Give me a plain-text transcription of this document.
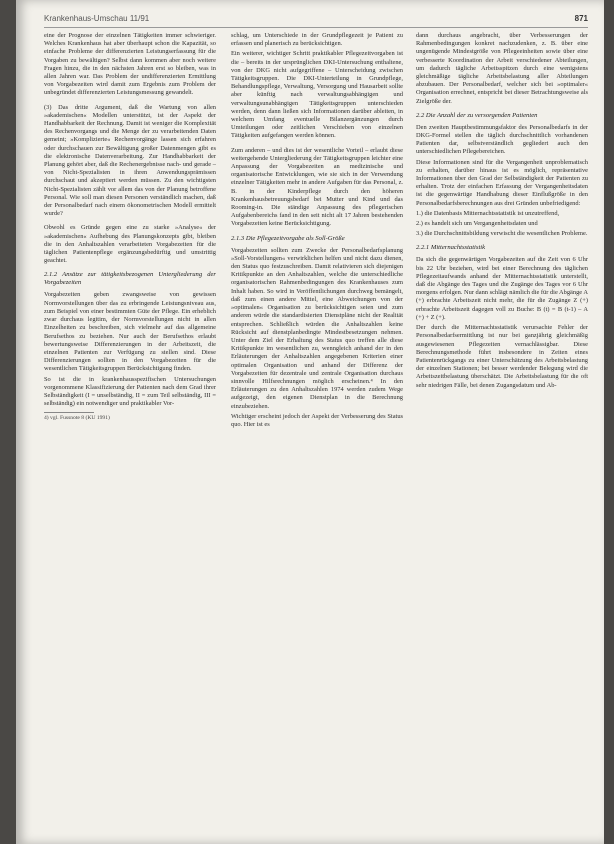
Krankenhaus-Umschau 11/91	871

eine der Prognose der einzelnen Tätigkeiten immer schwieriger. Welches Krankenhaus hat aber überhaupt schon die Kapazität, so einfache Probleme der differenzierten Leistungserfassung für die Vorgaben zu bewältigen? Selbst dann kommen aber noch weitere Fragen hinzu, die in den nächsten Jahren erst so bleiben, was in allen Jahren war. Das Problem der undifferenzierten Ermittlung von Vorgabezeiten wird damit zum Ergebnis zum Problem der unbegründet differenzierten Leistungsmessung gewandelt.

(3) Das dritte Argument, daß die Wartung von allen »akademischen« Modellen unterstützt, ist der Aspekt der Handhabbarkeit der Rechnung. Damit ist weniger die Komplexität des Rechenvorgangs und die Menge der zu verarbeitenden Daten gemeint; »Komplizierte« Rechenvorgänge lassen sich erfahren oder durchschauen zur Bewältigung großer Datenmengen gibt es die elektronische Datenverarbeitung. Zur Handhabbarkeit der Planung gehört aber, daß die Rechenergebnisse nach- und gerade – von Nicht-Spezialisten in ihren Anwendungsprämissen durchschaut und akzeptiert werden müssen. Zu den wichtigsten Nicht-Spezialisten zählt vor allem das von der Planung betroffene Personal. Wie soll man diesen Personen verständlich machen, daß der Personalbedarf nach einem ökonometrischen Modell ermittelt wurde?

Obwohl es Gründe gegen eine zu starke »Analyse« der »akademischen« Aufhebung des Planungskonzepts gibt, bleiben die in den Anhaltszahlen verarbeiteten Vorgabezeiten für die täglichen Patientenpflege ergänzungsbedürftig und umstrittig geachtet.

2.1.2 Ansätze zur tätigkeitsbezogenen Untergliederung der Vorgabezeiten

Vorgabezeiten geben zwangsweise von gewissen Normvorstellungen über das zu erbringende Leistungsniveau aus, zum Beispiel von einer bestimmten Güte der Pflege. Ein erheblich zwar durchaus legitim, der Normvorstellungen nicht in allen Einzelheiten zu beschreiben, sich vielmehr auf das allgemeine Berufsethos zu beziehen. Nur auch der Berufsethos erlaubt bewertungsweise Differenzierungen in der Arbeitszeit, die einzelnen Patienten zur Verfügung zu stellen sind. Diese Differenzierungen sollten in den Vorgabezeiten für die wesentlichen Tätigkeitsgruppen Berücksichtigung finden.

So ist die in krankenhausspezifischen Untersuchungen vorgenommene Klassifizierung der Patienten nach dem Grad ihrer Selbständigkeit (I = unselbständig, II = zum Teil selbständig, III = selbständig) ein notwendiger und praktikabler Vor-

4) vgl. Fussnote 8 (KU 1991)

schlag, um Unterschiede in der Grundpflegezeit je Patient zu erfassen und planerisch zu berücksichtigen.

Ein weiterer, wichtiger Schritt praktikabler Pflegezeitvorgaben ist die – bereits in der ursprünglichen DKI-Untersuchung enthaltene, von der DKG nicht aufgegriffene – Unterscheidung zwischen Tätigkeitsgruppen. Die DKI-Unterteilung in Grundpflege, Behandlungspflege, Verwaltung, Versorgung und Hausarbeit sollte aber künftig nach verwaltungsabhängigen und verwaltungsunabhängigen Tätigkeitsgruppen unterschieden werden, denn dann ließen sich Informationen darüber ableiten, in welchem Umfang eventuelle Bilanzergänzungen durch Umteilungen oder zeitlichen Verschieben von einzelnen Tätigkeiten aufgefangen werden können.

Zum anderen – und dies ist der wesentliche Vorteil – erlaubt diese weitergehende Untergliederung der Tätigkeitsgruppen leichter eine Anpassung der Vorgabezeiten an medizinische und organisatorische Entwicklungen, wie sie sich in der Verwendung einzelner Tätigkeiten mehr in andere Aufgaben für das Personal, z. B. in der Kinderpflege durch den höheren Krankenhausbetreuungsbedarf bei Mutter und Kind und das Rooming-in. Die ständige Anpassung des pflegerischen Aufgabenbereichs fand in den seit nicht alt 17 Jahren bestehenden Vorgabezeiten keine Berücksichtigung.

2.1.3 Die Pflegezeitvorgabe als Soll-Größe

Vorgabezeiten sollten zum Zwecke der Personalbedarfsplanung »Soll-Vorstellungen« verwirklichen helfen und nicht dazu dienen, den Status quo festzuschreiben. Damit relativieren sich diejenigen Kritikpunkte an den Anhaltszahlen, welche die unterschiedliche organisatorischen Rahmenbedingungen des Krankenhauses zum Inhalt haben. So wird in Veröffentlichungen durchweg bemängelt, daß zum einen andere Mittel, eine Abweichungen von der »optimalen« Organisation zu berücksichtigen seien und zum anderen würde die standardisierten Dienstpläne nicht der Realität entsprechen. Schließlich würden die Anhaltszahlen keine Rücksicht auf dienstplanbedingte Mindestbesetzungen nehmen. Unter dem Ziel der Erhaltung des Status quo treffen alle diese Kritikpunkte im wesentlichen zu, wenngleich anhand der in den Erläuterungen der Anhaltszahlen angegebenen Kriterien einer optimalen Organisation und anhand der Differenz der Vorgabezeiten für dezentrale und zentrale Organisation durchaus sinnvolle Hilfsrechnungen möglich erscheinen.⁴ In den Erläuterungen zu den Anhaltszahlen 1974 werden zudem Wege aufgezeigt, den eigenen Dienstplan in die Berechnung einzubeziehen.

Wichtiger erscheint jedoch der Aspekt der Verbesserung des Status quo. Hier ist es

dann durchaus angebracht, über Verbesserungen der Rahmenbedingungen konkret nachzudenken, z. B. über eine ungenügende Mindestgröße von Pflegeeinheiten sowie über eine verbesserte Koordination der Arbeit verschiedener Abteilungen, um dadurch tägliche Arbeitsspitzen durch eine wenigstens gleichmäßige tägliche Arbeitsbelastung aller Abteilungen abzubauen. Der Personalbedarf, welcher sich bei »optimaler« Organisation errechnet, entspricht bei dieser Betrachtungsweise als Zielgröße der.

2.2 Die Anzahl der zu versorgenden Patienten

Den zweiten Hauptbestimmungsfaktor des Personalbedarfs in der DKG-Formel stellen die täglich durchschnittlich vorhandenen Patienten dar, selbstverständlich gegliedert auch den unterschiedlichen Pflegebereichen.

Diese Informationen sind für die Vergangenheit unproblematisch zu erhalten, darüber hinaus ist es möglich, repräsentative Informationen über den Grad der Selbständigkeit der Patienten zu erhalten. Trotz der einfachen Erfassung der Vergangenheitsdaten ist die gegenwärtige Handhabung dieser Einflußgröße in den Personalbedarfsberechnungen aus drei Gründen unbefriedigend:

1.) die Datenbasis Mitternachtsstatistik ist unzutreffend,
2.) es handelt sich um Vergangenheitsdaten und
3.) die Durchschnittsbildung verwischt die wesentlichen Probleme.
2.2.1 Mitternachtsstatistik

Da sich die gegenwärtigen Vorgabezeiten auf die Zeit von 6 Uhr bis 22 Uhr beziehen, wird bei einer Berechnung des täglichen Pflegezeitaufwands anhand der Mitternachtsstatistik unterstellt, daß die Abgänge des Tages und die Zugänge des Tages vor 6 Uhr morgens erfolgen. Nur dann schlägt nämlich die für die Abgänge A (+) erbrachte Arbeitszeit nicht mehr, die für die Zugänge Z (+) erbrachte Arbeitszeit dagegen voll zu Buche: B (t) = B (t-1) – A (+) + Z (+).

Der durch die Mitternachtsstatistik verursachte Fehler der Personalbedarfsermittlung ist nur bei ganzjährig gleichmäßig ausgewiesenen Pflegezeiten vernachlässigbar. Diese Berechnungsmethode führt insbesondere in Zeiten eines Patientenrückgangs zu einer Unterschätzung des Arbeitsbelastung der einzelnen Stationen; bei besser werdender Belegung wird die Arbeitszeitbelastung überschätzt. Die Arbeitsbelastung für die oft sehr niedrigen Fälle, bei denen Zugangsdatum und Ab-
